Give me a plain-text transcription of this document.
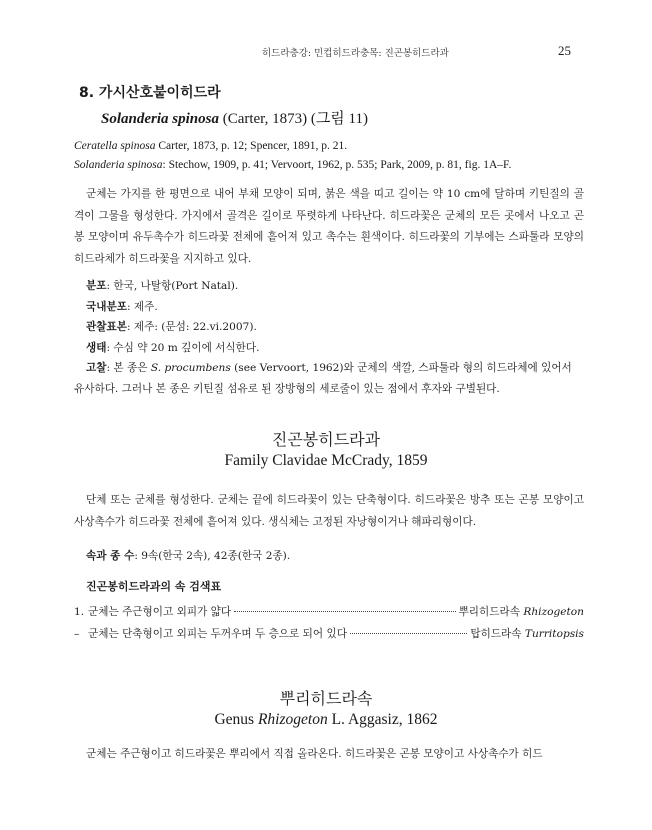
히드라충강: 민컵히드라충목: 진곤봉히드라과	25
8. 가시산호붙이히드라
Solanderia spinosa (Carter, 1873) (그림 11)
Ceratella spinosa Carter, 1873, p. 12; Spencer, 1891, p. 21.
Solanderia spinosa: Stechow, 1909, p. 41; Vervoort, 1962, p. 535; Park, 2009, p. 81, fig. 1A–F.
군체는 가지를 한 평면으로 내어 부채 모양이 되며, 붉은 색을 띠고 길이는 약 10 cm에 달하며 키틴질의 골격이 그물을 형성한다. 가지에서 골격은 길이로 뚜렷하게 나타난다. 히드라꽃은 군체의 모든 곳에서 나오고 곤봉 모양이며 유두촉수가 히드라꽃 전체에 흩어져 있고 촉수는 흰색이다. 히드라꽃의 기부에는 스파툴라 모양의 히드라체가 히드라꽃을 지지하고 있다.
분포: 한국, 나탈항(Port Natal).
국내분포: 제주.
관찰표본: 제주: (문섬: 22.vi.2007).
생태: 수심 약 20 m 깊이에 서식한다.
고찰: 본 종은 S. procumbens (see Vervoort, 1962)와 군체의 색깔, 스파툴라 형의 히드라체에 있어서
유사하다. 그러나 본 종은 키틴질 섬유로 된 장방형의 세로줄이 있는 점에서 후자와 구별된다.
진곤봉히드라과
Family Clavidae McCrady, 1859
단체 또는 군체를 형성한다. 군체는 끝에 히드라꽃이 있는 단축형이다. 히드라꽃은 방추 또는 곤봉 모양이고 사상촉수가 히드라꽃 전체에 흩어져 있다. 생식체는 고정된 자낭형이거나 해파리형이다.
속과 종 수: 9속(한국 2속), 42종(한국 2종).
진곤봉히드라과의 속 검색표
1. 군체는 주근형이고 외피가 얇다	뿌리히드라속 Rhizogeton
– 군체는 단축형이고 외피는 두꺼우며 두 층으로 되어 있다	탑히드라속 Turritopsis
뿌리히드라속
Genus Rhizogeton L. Aggasiz, 1862
군체는 주근형이고 히드라꽃은 뿌리에서 직접 올라온다. 히드라꽃은 곤봉 모양이고 사상촉수가 히드
